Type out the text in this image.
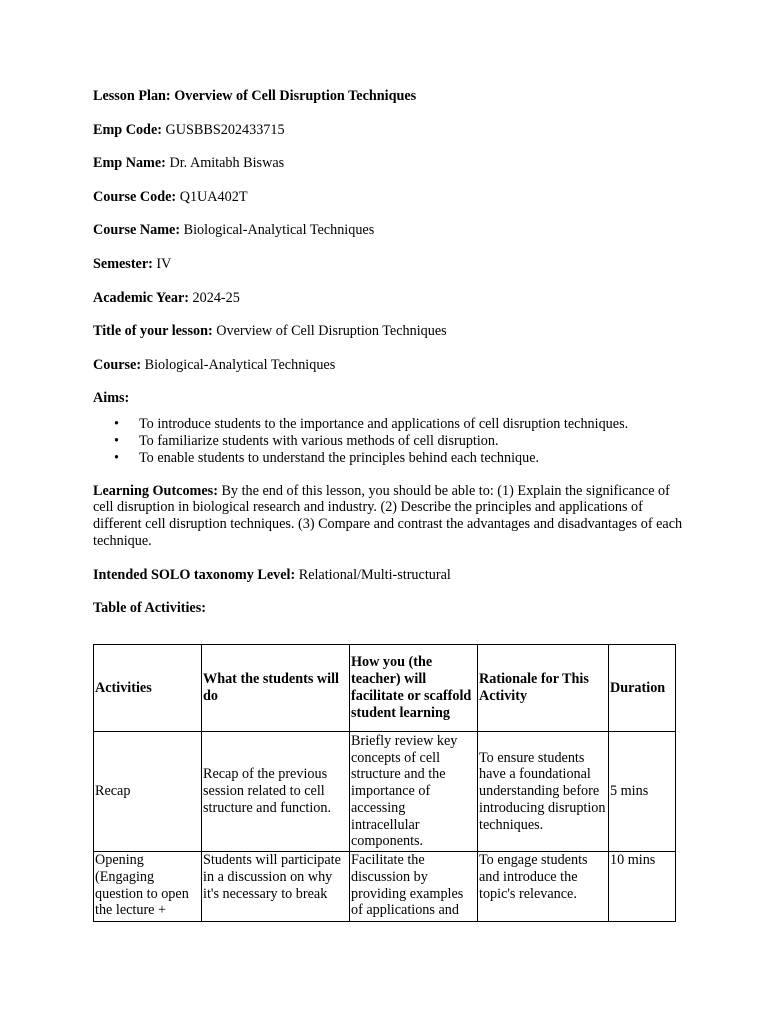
Lesson Plan: Overview of Cell Disruption Techniques

Emp Code: GUSBBS202433715

Emp Name: Dr. Amitabh Biswas

Course Code: Q1UA402T

Course Name: Biological-Analytical Techniques

Semester: IV

Academic Year: 2024-25

Title of your lesson: Overview of Cell Disruption Techniques

Course: Biological-Analytical Techniques

Aims:

• To introduce students to the importance and applications of cell disruption techniques.
• To familiarize students with various methods of cell disruption.
• To enable students to understand the principles behind each technique.

Learning Outcomes: By the end of this lesson, you should be able to: (1) Explain the significance of cell disruption in biological research and industry. (2) Describe the principles and applications of different cell disruption techniques. (3) Compare and contrast the advantages and disadvantages of each technique.

Intended SOLO taxonomy Level: Relational/Multi-structural

Table of Activities:

Activities	What the students will do	How you (the teacher) will facilitate or scaffold student learning	Rationale for This Activity	Duration
Recap	Recap of the previous session related to cell structure and function.	Briefly review key concepts of cell structure and the importance of accessing intracellular components.	To ensure students have a foundational understanding before introducing disruption techniques.	5 mins
Opening (Engaging question to open the lecture +	Students will participate in a discussion on why it's necessary to break	Facilitate the discussion by providing examples of applications and	To engage students and introduce the topic's relevance.	10 mins
